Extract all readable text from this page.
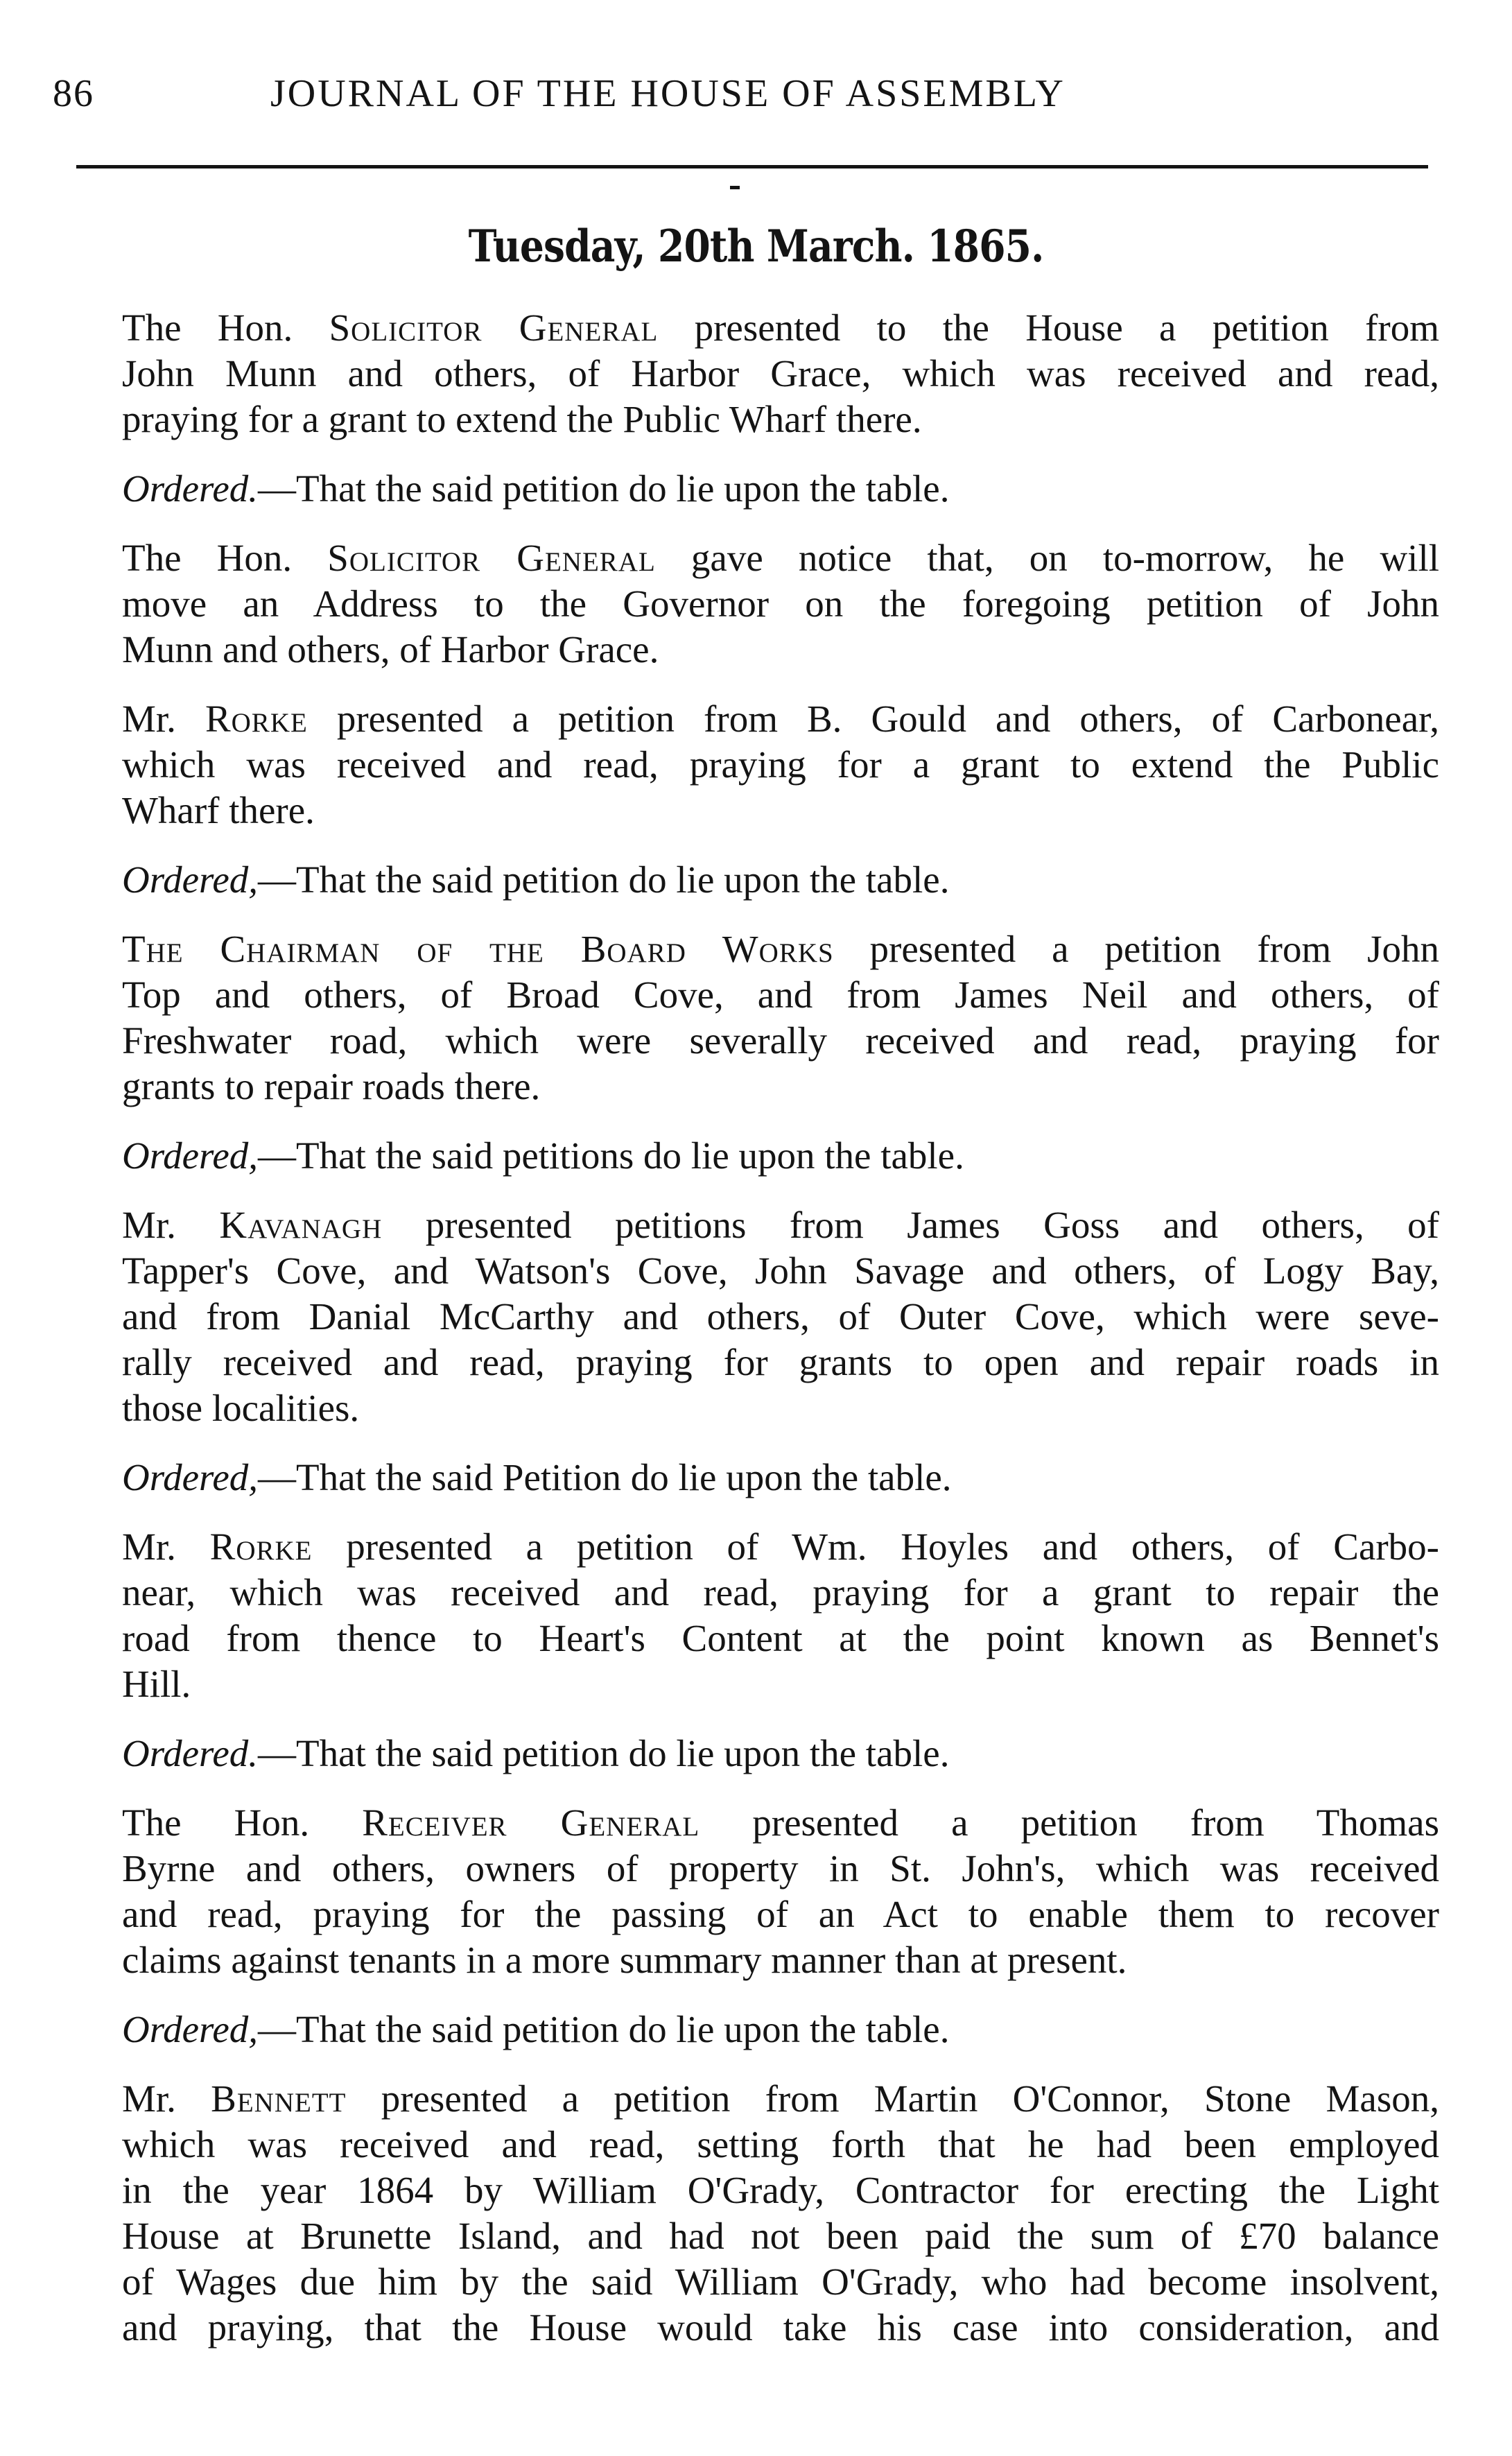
86	JOURNAL OF THE HOUSE OF ASSEMBLY
Tuesday, 20th March. 1865.
The Hon. Solicitor General presented to the House a petition from
John Munn and others, of Harbor Grace, which was received and read,
praying for a grant to extend the Public Wharf there.
Ordered.—That the said petition do lie upon the table.
The Hon. Solicitor General gave notice that, on to-morrow, he will
move an Address to the Governor on the foregoing petition of John
Munn and others, of Harbor Grace.
Mr. Rorke presented a petition from B. Gould and others, of Carbonear,
which was received and read, praying for a grant to extend the Public
Wharf there.
Ordered,—That the said petition do lie upon the table.
The Chairman of the Board Works presented a petition from John
Top and others, of Broad Cove, and from James Neil and others, of
Freshwater road, which were severally received and read, praying for
grants to repair roads there.
Ordered,—That the said petitions do lie upon the table.
Mr. Kavanagh presented petitions from James Goss and others, of
Tapper's Cove, and Watson's Cove, John Savage and others, of Logy Bay,
and from Danial McCarthy and others, of Outer Cove, which were seve-
rally received and read, praying for grants to open and repair roads in
those localities.
Ordered,—That the said Petition do lie upon the table.
Mr. Rorke presented a petition of Wm. Hoyles and others, of Carbo-
near, which was received and read, praying for a grant to repair the
road from thence to Heart's Content at the point known as Bennet's
Hill.
Ordered.—That the said petition do lie upon the table.
The Hon. Receiver General presented a petition from Thomas
Byrne and others, owners of property in St. John's, which was received
and read, praying for the passing of an Act to enable them to recover
claims against tenants in a more summary manner than at present.
Ordered,—That the said petition do lie upon the table.
Mr. Bennett presented a petition from Martin O'Connor, Stone Mason,
which was received and read, setting forth that he had been employed
in the year 1864 by William O'Grady, Contractor for erecting the Light
House at Brunette Island, and had not been paid the sum of £70 balance
of Wages due him by the said William O'Grady, who had become insolvent,
and praying, that the House would take his case into consideration, and
